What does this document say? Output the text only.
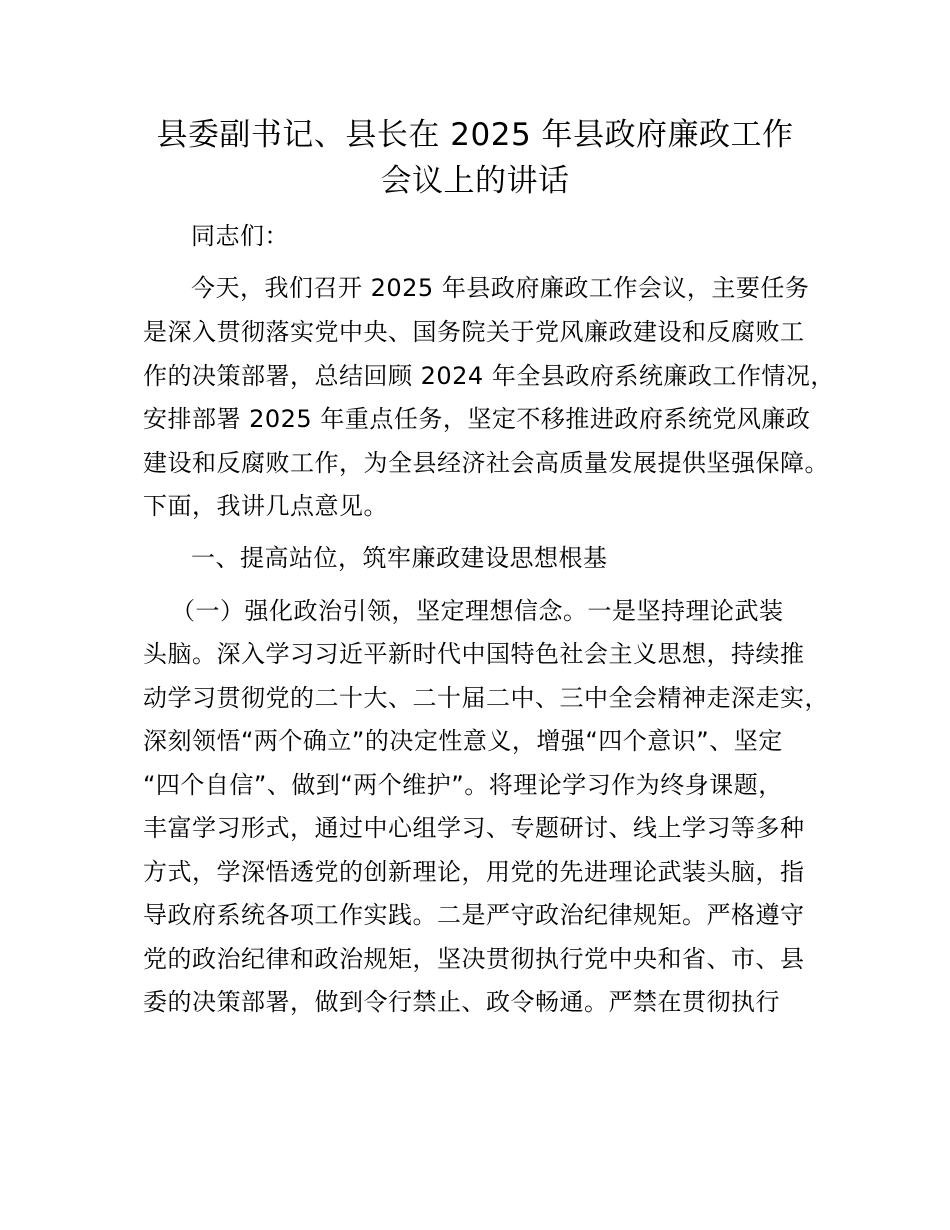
县委副书记、县长在 2025 年县政府廉政工作
会议上的讲话
同志们：
今天，我们召开 2025 年县政府廉政工作会议，主要任务
是深入贯彻落实党中央、国务院关于党风廉政建设和反腐败工
作的决策部署，总结回顾 2024 年全县政府系统廉政工作情况，
安排部署 2025 年重点任务，坚定不移推进政府系统党风廉政
建设和反腐败工作，为全县经济社会高质量发展提供坚强保障。
下面，我讲几点意见。
一、提高站位，筑牢廉政建设思想根基
（一）强化政治引领，坚定理想信念。一是坚持理论武装
头脑。深入学习习近平新时代中国特色社会主义思想，持续推
动学习贯彻党的二十大、二十届二中、三中全会精神走深走实，
深刻领悟“两个确立”的决定性意义，增强“四个意识”、坚定
“四个自信”、做到“两个维护”。将理论学习作为终身课题，
丰富学习形式，通过中心组学习、专题研讨、线上学习等多种
方式，学深悟透党的创新理论，用党的先进理论武装头脑，指
导政府系统各项工作实践。二是严守政治纪律规矩。严格遵守
党的政治纪律和政治规矩，坚决贯彻执行党中央和省、市、县
委的决策部署，做到令行禁止、政令畅通。严禁在贯彻执行
